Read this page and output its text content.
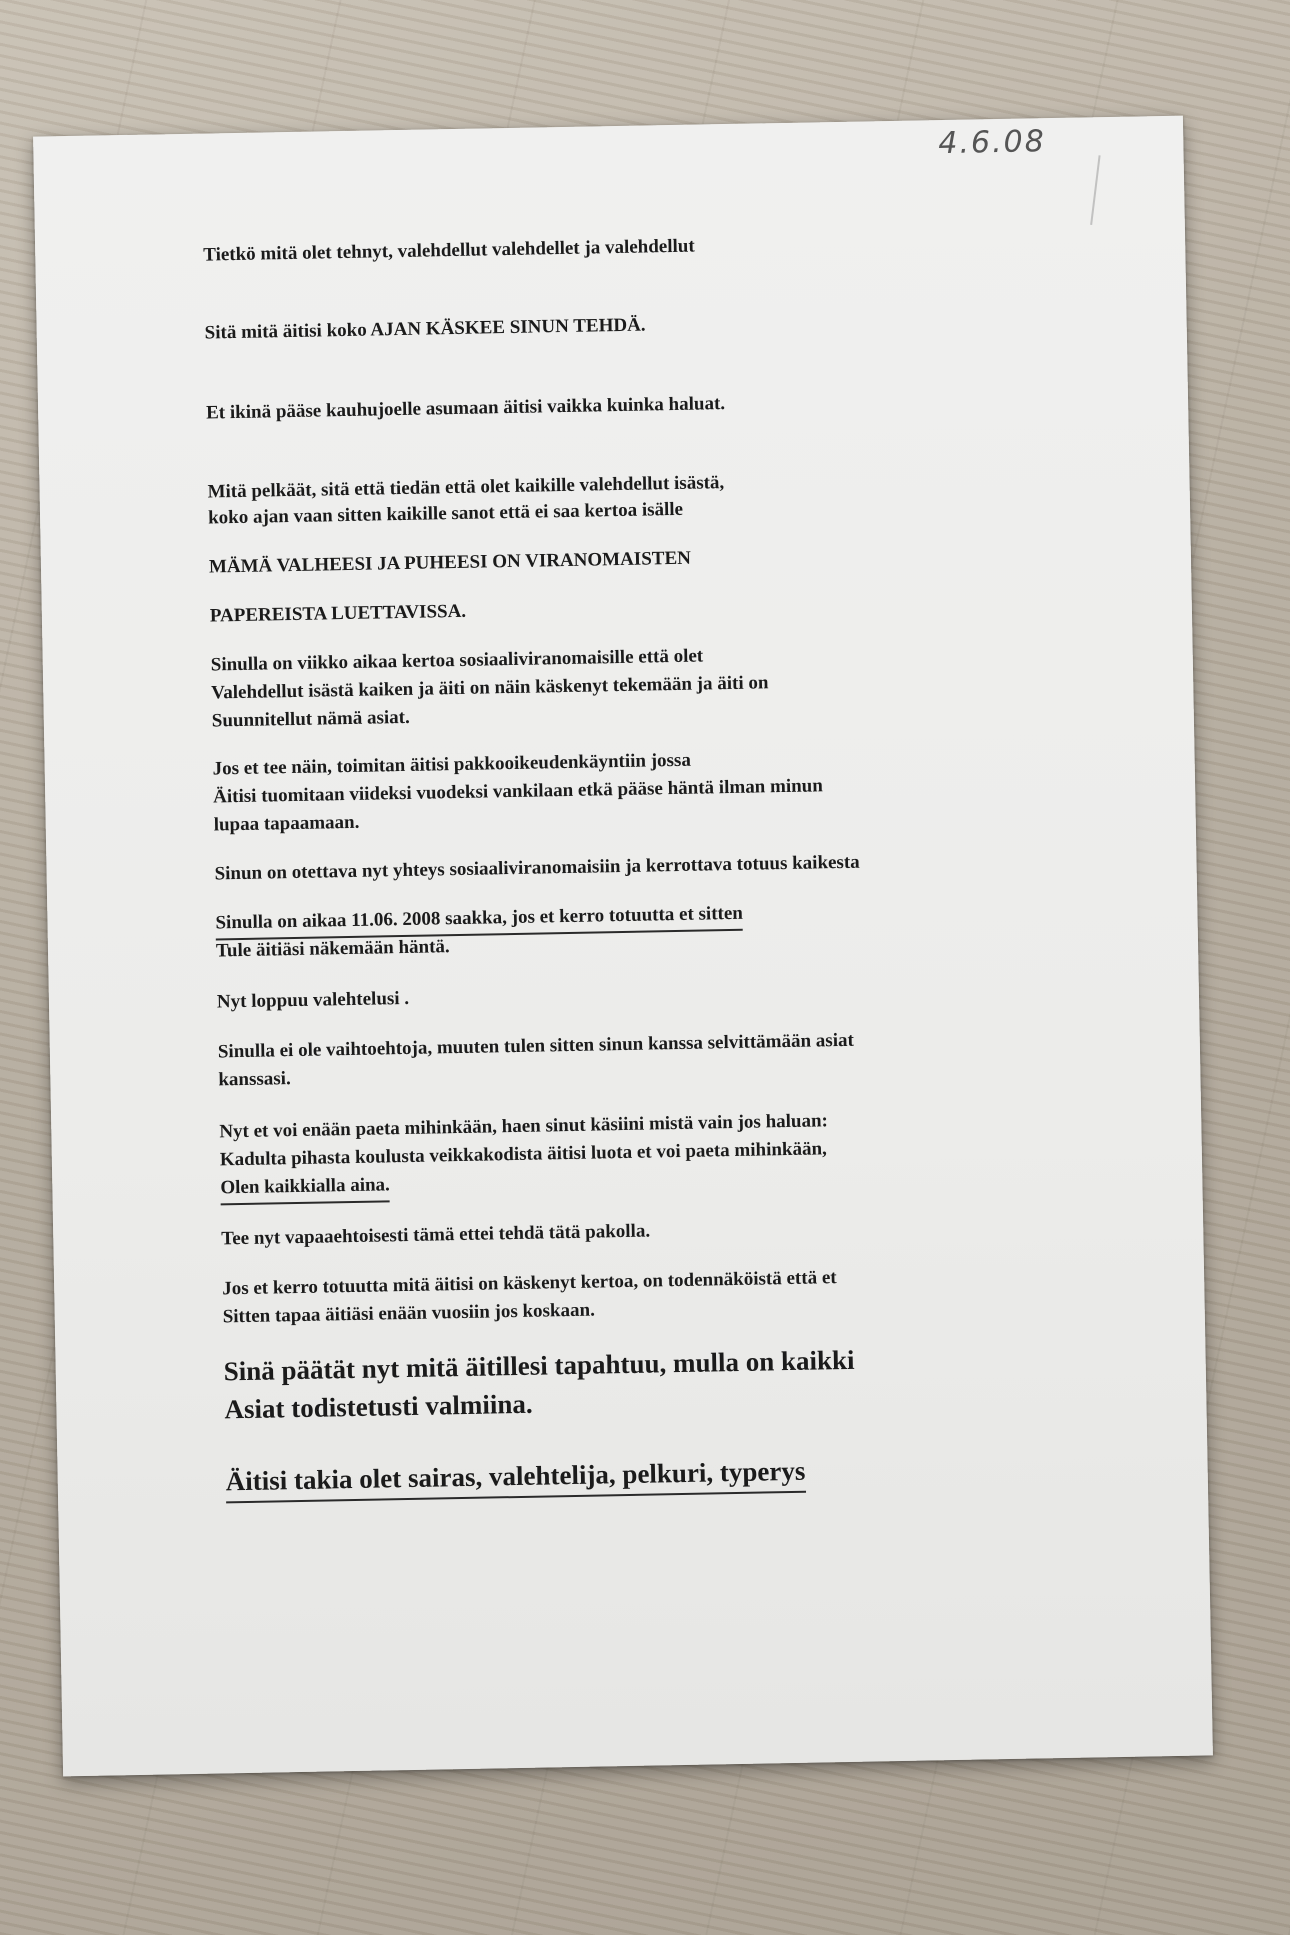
4.6.08

Tietkö mitä olet tehnyt, valehdellut valehdellet ja valehdellut

Sitä mitä äitisi koko AJAN KÄSKEE SINUN TEHDÄ.

Et ikinä pääse kauhujoelle asumaan äitisi vaikka kuinka haluat.

Mitä pelkäät, sitä että tiedän että olet kaikille valehdellut isästä,

koko ajan vaan sitten kaikille sanot että ei saa kertoa isälle

MÄMÄ VALHEESI JA PUHEESI ON VIRANOMAISTEN

PAPEREISTA LUETTAVISSA.

Sinulla on viikko aikaa kertoa sosiaaliviranomaisille että olet

Valehdellut isästä kaiken ja äiti on näin käskenyt tekemään ja äiti on

Suunnitellut nämä asiat.

Jos et tee näin, toimitan äitisi pakkooikeudenkäyntiin jossa

Äitisi tuomitaan viideksi vuodeksi vankilaan etkä pääse häntä ilman minun

lupaa tapaamaan.

Sinun on otettava nyt yhteys sosiaaliviranomaisiin ja kerrottava totuus kaikesta

Sinulla on aikaa 11.06. 2008 saakka, jos et kerro totuutta et sitten

Tule äitiäsi näkemään häntä.

Nyt loppuu valehtelusi .

Sinulla ei ole vaihtoehtoja, muuten tulen sitten sinun kanssa selvittämään asiat

kanssasi.

Nyt et voi enään paeta mihinkään, haen sinut käsiini mistä vain jos haluan:

Kadulta pihasta koulusta veikkakodista äitisi luota et voi paeta mihinkään,

Olen kaikkialla aina.

Tee nyt vapaaehtoisesti tämä ettei tehdä tätä pakolla.

Jos et kerro totuutta mitä äitisi on käskenyt kertoa, on todennäköistä että et

Sitten tapaa äitiäsi enään vuosiin jos koskaan.

Sinä päätät nyt mitä äitillesi tapahtuu, mulla on kaikki

Asiat todistetusti valmiina.

Äitisi takia olet sairas, valehtelija, pelkuri, typerys
